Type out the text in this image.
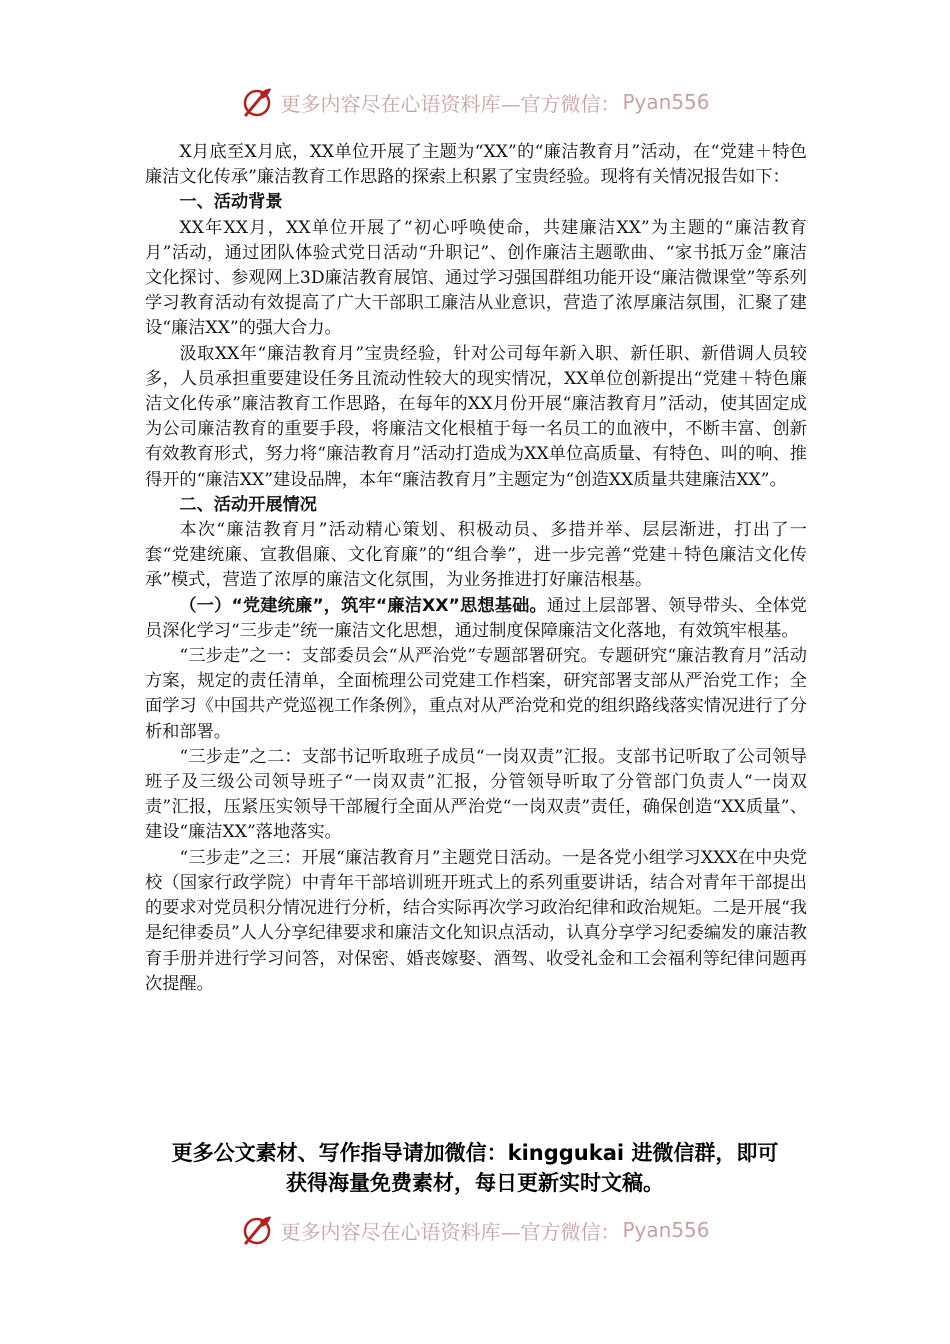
更多内容尽在心语资料库—官方微信： Pyan556

X月底至X月底，XX单位开展了主题为“XX”的“廉洁教育月”活动，在“党建＋特色廉洁文化传承”廉洁教育工作思路的探索上积累了宝贵经验。现将有关情况报告如下：

一、活动背景

XX年XX月，XX单位开展了“初心呼唤使命，共建廉洁XX”为主题的“廉洁教育月”活动，通过团队体验式党日活动“升职记”、创作廉洁主题歌曲、“家书抵万金”廉洁文化探讨、参观网上3D廉洁教育展馆、通过学习强国群组功能开设“廉洁微课堂”等系列学习教育活动有效提高了广大干部职工廉洁从业意识，营造了浓厚廉洁氛围，汇聚了建设“廉洁XX”的强大合力。

汲取XX年“廉洁教育月”宝贵经验，针对公司每年新入职、新任职、新借调人员较多，人员承担重要建设任务且流动性较大的现实情况，XX单位创新提出“党建＋特色廉洁文化传承”廉洁教育工作思路，在每年的XX月份开展“廉洁教育月”活动，使其固定成为公司廉洁教育的重要手段，将廉洁文化根植于每一名员工的血液中，不断丰富、创新有效教育形式，努力将“廉洁教育月”活动打造成为XX单位高质量、有特色、叫的响、推得开的“廉洁XX”建设品牌，本年“廉洁教育月”主题定为“创造XX质量共建廉洁XX”。

二、活动开展情况

本次“廉洁教育月”活动精心策划、积极动员、多措并举、层层渐进，打出了一套“党建统廉、宣教倡廉、文化育廉”的“组合拳”，进一步完善“党建＋特色廉洁文化传承”模式，营造了浓厚的廉洁文化氛围，为业务推进打好廉洁根基。

（一）“党建统廉”，筑牢“廉洁XX”思想基础。通过上层部署、领导带头、全体党员深化学习“三步走”统一廉洁文化思想，通过制度保障廉洁文化落地，有效筑牢根基。

“三步走”之一：支部委员会“从严治党”专题部署研究。专题研究“廉洁教育月”活动方案，规定的责任清单，全面梳理公司党建工作档案，研究部署支部从严治党工作；全面学习《中国共产党巡视工作条例》，重点对从严治党和党的组织路线落实情况进行了分析和部署。

“三步走”之二：支部书记听取班子成员“一岗双责”汇报。支部书记听取了公司领导班子及三级公司领导班子“一岗双责”汇报，分管领导听取了分管部门负责人“一岗双责”汇报，压紧压实领导干部履行全面从严治党“一岗双责”责任，确保创造“XX质量”、建设“廉洁XX”落地落实。

“三步走”之三：开展“廉洁教育月”主题党日活动。一是各党小组学习XXX在中央党校（国家行政学院）中青年干部培训班开班式上的系列重要讲话，结合对青年干部提出的要求对党员积分情况进行分析，结合实际再次学习政治纪律和政治规矩。二是开展“我是纪律委员”人人分享纪律要求和廉洁文化知识点活动，认真分享学习纪委编发的廉洁教育手册并进行学习问答，对保密、婚丧嫁娶、酒驾、收受礼金和工会福利等纪律问题再次提醒。

更多公文素材、写作指导请加微信：kinggukai 进微信群，即可
获得海量免费素材，每日更新实时文稿。
更多内容尽在心语资料库—官方微信： Pyan556
